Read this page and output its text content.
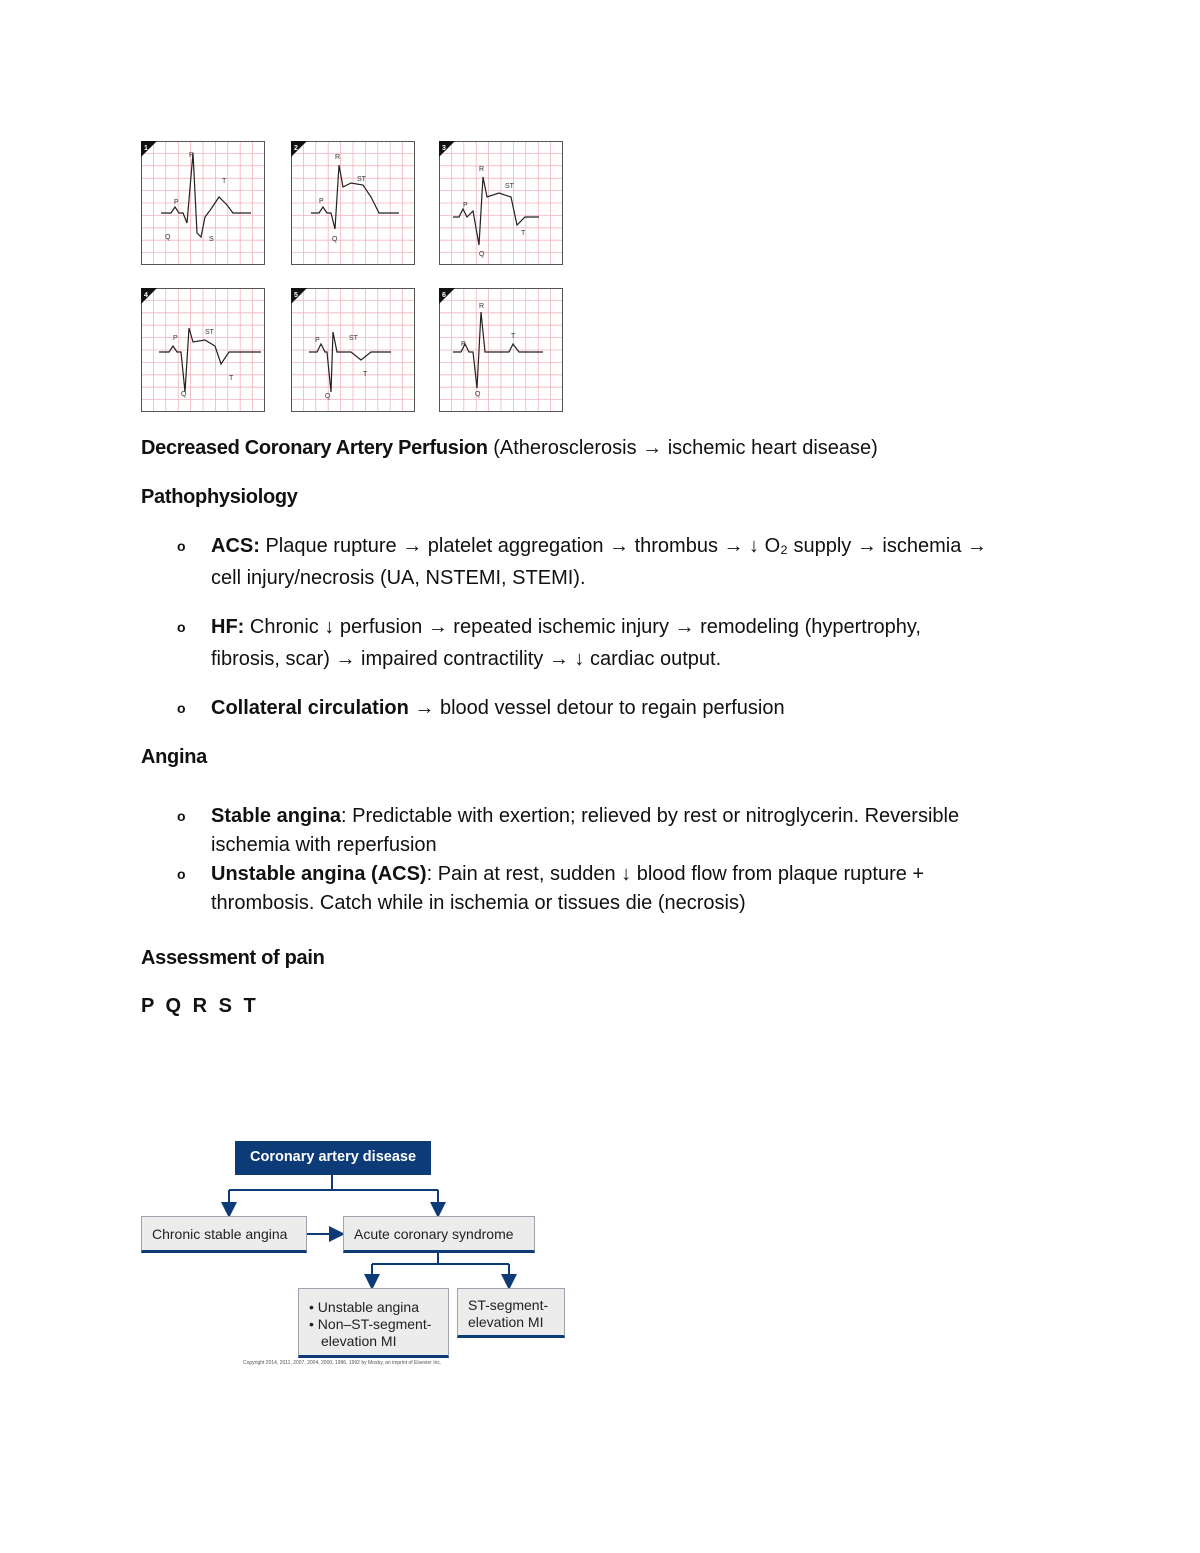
1
P
Q
R
S
T
2
P
Q
R
ST
3
P
Q
R
ST
T
4
P
Q
ST
T
5
P
Q
ST
T
6
P
Q
R
T
Decreased Coronary Artery Perfusion (Atherosclerosis → ischemic heart disease)
Pathophysiology
o ACS: Plaque rupture → platelet aggregation → thrombus → ↓ O₂ supply → ischemia →
cell injury/necrosis (UA, NSTEMI, STEMI).
o HF: Chronic ↓ perfusion → repeated ischemic injury → remodeling (hypertrophy,
fibrosis, scar) → impaired contractility → ↓ cardiac output.
o Collateral circulation → blood vessel detour to regain perfusion
Angina
o Stable angina: Predictable with exertion; relieved by rest or nitroglycerin. Reversible
ischemia with reperfusion
o Unstable angina (ACS): Pain at rest, sudden ↓ blood flow from plaque rupture +
thrombosis. Catch while in ischemia or tissues die (necrosis)
Assessment of pain
P Q R S T
Coronary artery disease
Chronic stable angina	Acute coronary syndrome
• Unstable angina
• Non–ST-segment-
elevation MI
ST-segment-
elevation MI
Copyright 2014, 2011, 2007, 2004, 2000, 1996, 1992 by Mosby, an imprint of Elsevier Inc.
